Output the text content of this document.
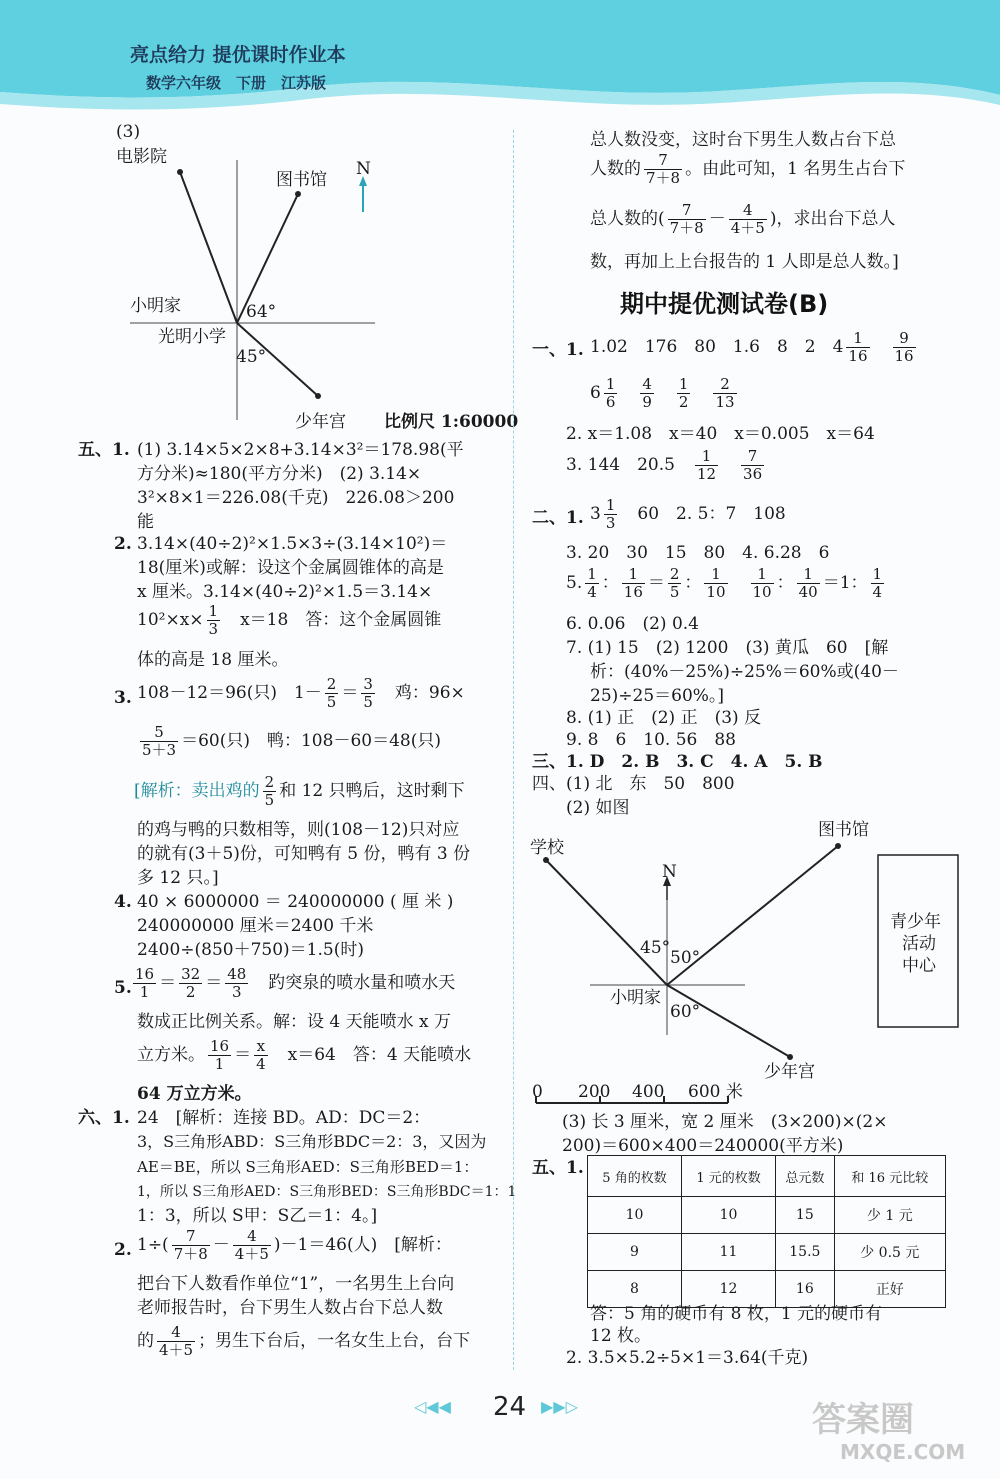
亮点给力 提优课时作业本
数学六年级　下册　江苏版
(3)
电影院
图书馆
N
小明家	64°
光明小学
45°
少年宫 比例尺 1:60000
五、1. (1) 3.14×5×2×8+3.14×3²＝178.98(平
方分米)≈180(平方分米)　(2) 3.14×
3²×8×1＝226.08(千克)　226.08＞200
能
2. 3.14×(40÷2)²×1.5×3÷(3.14×10²)＝
18(厘米)或解：设这个金属圆锥体的高是
x 厘米。3.14×(40÷2)²×1.5＝3.14×
$10^2\times x\times \frac{1}{3}$ 　x＝18　答：这个金属圆锥
体的高是 18 厘米。
3. 108－12＝96(只)　$1- \frac{2}{5} = \frac{3}{5}$ 　鸡：96×
$\frac{5}{5+3} =60$(只)　鸭：108－60＝48(只)
[解析：卖出鸡的 $\frac{2}{5}$ 和 12 只鸭后，这时剩下
的鸡与鸭的只数相等，则(108－12)只对应
的就有(3＋5)份，可知鸭有 5 份，鸭有 3 份
多 12 只。]
4. 40 × 6000000 ＝ 240000000 ( 厘 米 )
240000000 厘米＝2400 千米
2400÷(850＋750)＝1.5(时)
5. $\frac{16}{1} = \frac{32}{2} = \frac{48}{3}$ 　趵突泉的喷水量和喷水天
数成正比例关系。解：设 4 天能喷水 x 万
立方米。 $\frac{16}{1} = \frac{x}{4}$ 　x＝64　答：4 天能喷水
64 万立方米。
六、1. 24　[解析：连接 BD。AD：DC＝2：
3，S三角形ABD：S三角形BDC＝2：3，又因为
AE＝BE，所以 S三角形AED：S三角形BED＝1：
1，所以 S三角形AED：S三角形BED：S三角形BDC＝1：1
1：3，所以 S甲：S乙＝1：4。]
2. $1\div( \frac{7}{7+8} - \frac{4}{4+5} )-1=46$(人)　[解析：
把台下人数看作单位“1”，一名男生上台向
老师报告时，台下男生人数占台下总人数
的 $\frac{4}{4+5}$ ；男生下台后，一名女生上台，台下
总人数没变，这时台下男生人数占台下总
人数的 $\frac{7}{7+8}$ 。由此可知，1 名男生占台下
总人数的( $\frac{7}{7+8} - \frac{4}{4+5}$ )，求出台下总人
数，再加上上台报告的 1 人即是总人数。]
期中提优测试卷(B)
一、1. 1.02　176　80　1.6　8　2　$4 \frac{1}{16}$
　 $\frac{9}{16}$
$6 \frac{1}{6}$
　 $\frac{4}{9}$
　 $\frac{1}{2}$
　 $\frac{2}{13}$
2. x＝1.08　x＝40　x＝0.005　x＝64
3. 144　20.5　 $\frac{1}{12}$
　 $\frac{7}{36}$
二、1. $3 \frac{1}{3}$ 　60　2. 5：7　108
3. 20　30　15　80　4. 6.28　6
5. $\frac{1}{4}$ ： $\frac{1}{16} = \frac{2}{5}$ ： $\frac{1}{10}$
　 $\frac{1}{10}$ ： $\frac{1}{40} =1$： $\frac{1}{4}$
6. 0.06　(2) 0.4
7. (1) 15　(2) 1200　(3) 黄瓜　60　[解
析：(40%－25%)÷25%＝60%或(40－
25)÷25＝60%。]
8. (1) 正　(2) 正　(3) 反
9. 8　6　10. 56　88
三、1. D　2. B　3. C　4. A　5. B
四、(1) 北　东　50　800
(2) 如图
学校
图书馆
N
45° 50°
小明家
60°
青少年
活动
中心
少年宫
0 200 400 600 米
(3) 长 3 厘米，宽 2 厘米　(3×200)×(2×
200)＝600×400＝240000(平方米)
五、1. 5 角的枚数	1 元的枚数	总元数	和 16 元比较
10	10	15	少 1 元
9	11	15.5	少 0.5 元
8	12	16	正好
答：5 角的硬币有 8 枚，1 元的硬币有
12 枚。
2. 3.5×5.2÷5×1＝3.64(千克)
◁◀◀ 24 ▶▶▷	答案圈
MXQE.COM
